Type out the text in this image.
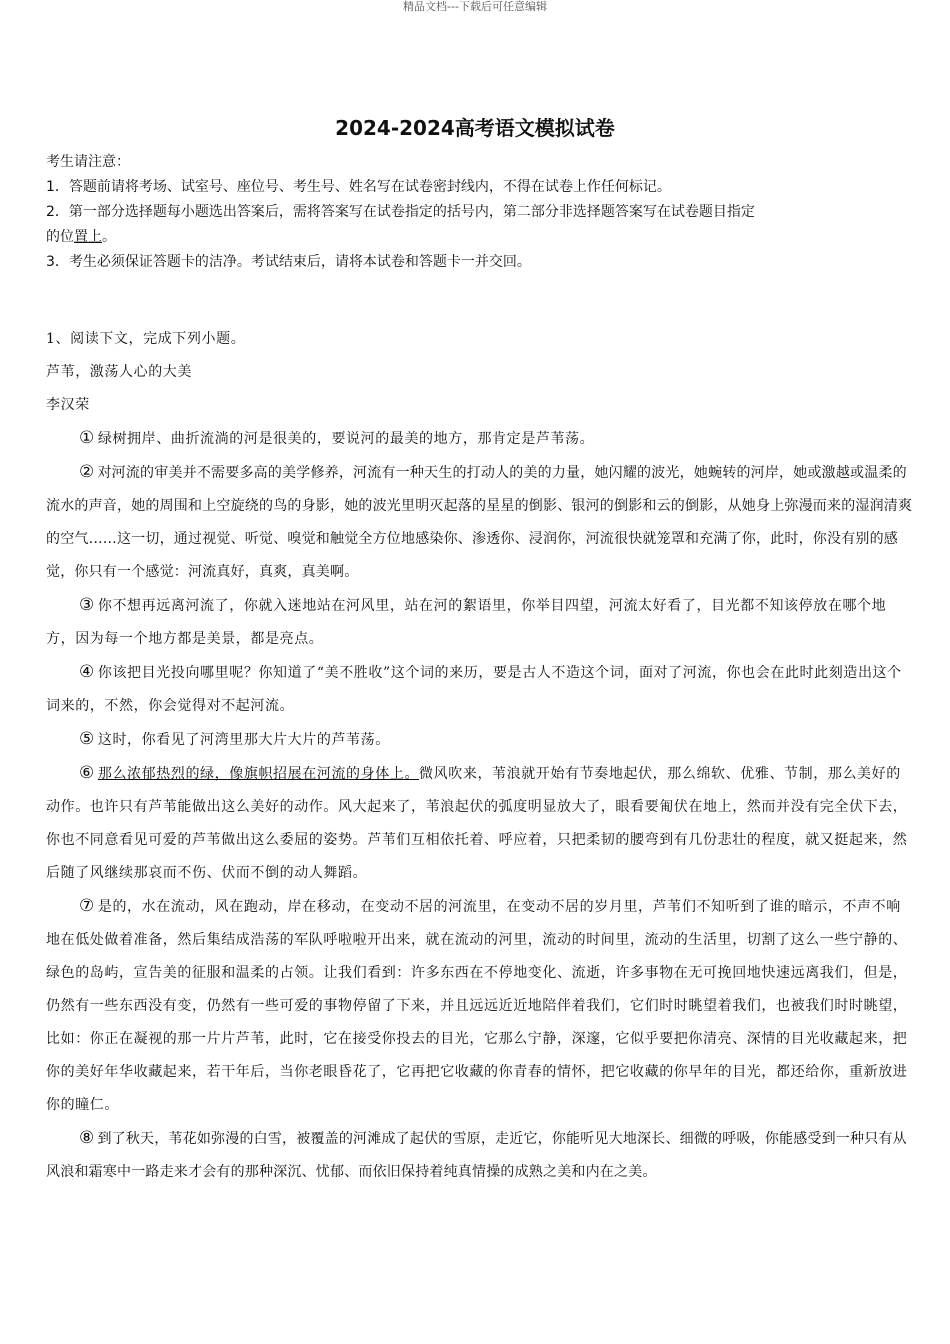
精品文档---下载后可任意编辑
2024-2024高考语文模拟试卷

考生请注意：

1．答题前请将考场、试室号、座位号、考生号、姓名写在试卷密封线内，不得在试卷上作任何标记。

2．第一部分选择题每小题选出答案后，需将答案写在试卷指定的括号内，第二部分非选择题答案写在试卷题目指定

的位置上。

3．考生必须保证答题卡的洁净。考试结束后，请将本试卷和答题卡一并交回。

1、阅读下文，完成下列小题。

芦苇，激荡人心的大美

李汉荣

① 绿树拥岸、曲折流淌的河是很美的，要说河的最美的地方，那肯定是芦苇荡。

② 对河流的审美并不需要多高的美学修养，河流有一种天生的打动人的美的力量，她闪耀的波光，她蜿转的河岸，她或激越或温柔的流水的声音，她的周围和上空旋绕的鸟的身影，她的波光里明灭起落的星星的倒影、银河的倒影和云的倒影，从她身上弥漫而来的湿润清爽的空气……这一切，通过视觉、听觉、嗅觉和触觉全方位地感染你、渗透你、浸润你，河流很快就笼罩和充满了你，此时，你没有别的感觉，你只有一个感觉：河流真好，真爽，真美啊。

③ 你不想再远离河流了，你就入迷地站在河风里，站在河的絮语里，你举目四望，河流太好看了，目光都不知该停放在哪个地方，因为每一个地方都是美景，都是亮点。

④ 你该把目光投向哪里呢？你知道了“美不胜收”这个词的来历，要是古人不造这个词，面对了河流，你也会在此时此刻造出这个词来的，不然，你会觉得对不起河流。

⑤ 这时，你看见了河湾里那大片大片的芦苇荡。

⑥ 那么浓郁热烈的绿，像旗帜招展在河流的身体上。微风吹来，苇浪就开始有节奏地起伏，那么绵软、优雅、节制，那么美好的动作。也许只有芦苇能做出这么美好的动作。风大起来了，苇浪起伏的弧度明显放大了，眼看要匍伏在地上，然而并没有完全伏下去，你也不同意看见可爱的芦苇做出这么委屈的姿势。芦苇们互相依托着、呼应着，只把柔韧的腰弯到有几份悲壮的程度，就又挺起来，然后随了风继续那哀而不伤、伏而不倒的动人舞蹈。

⑦ 是的，水在流动，风在跑动，岸在移动，在变动不居的河流里，在变动不居的岁月里，芦苇们不知听到了谁的暗示，不声不响地在低处做着准备，然后集结成浩荡的军队呼啦啦开出来，就在流动的河里，流动的时间里，流动的生活里，切割了这么一些宁静的、绿色的岛屿，宣告美的征服和温柔的占领。让我们看到：许多东西在不停地变化、流逝，许多事物在无可挽回地快速远离我们，但是，仍然有一些东西没有变，仍然有一些可爱的事物停留了下来，并且远远近近地陪伴着我们，它们时时眺望着我们，也被我们时时眺望，比如：你正在凝视的那一片片芦苇，此时，它在接受你投去的目光，它那么宁静，深邃，它似乎要把你清亮、深情的目光收藏起来，把你的美好年华收藏起来，若干年后，当你老眼昏花了，它再把它收藏的你青春的情怀，把它收藏的你早年的目光，都还给你，重新放进你的瞳仁。

⑧ 到了秋天，苇花如弥漫的白雪，被覆盖的河滩成了起伏的雪原，走近它，你能听见大地深长、细微的呼吸，你能感受到一种只有从风浪和霜寒中一路走来才会有的那种深沉、忧郁、而依旧保持着纯真情操的成熟之美和内在之美。
